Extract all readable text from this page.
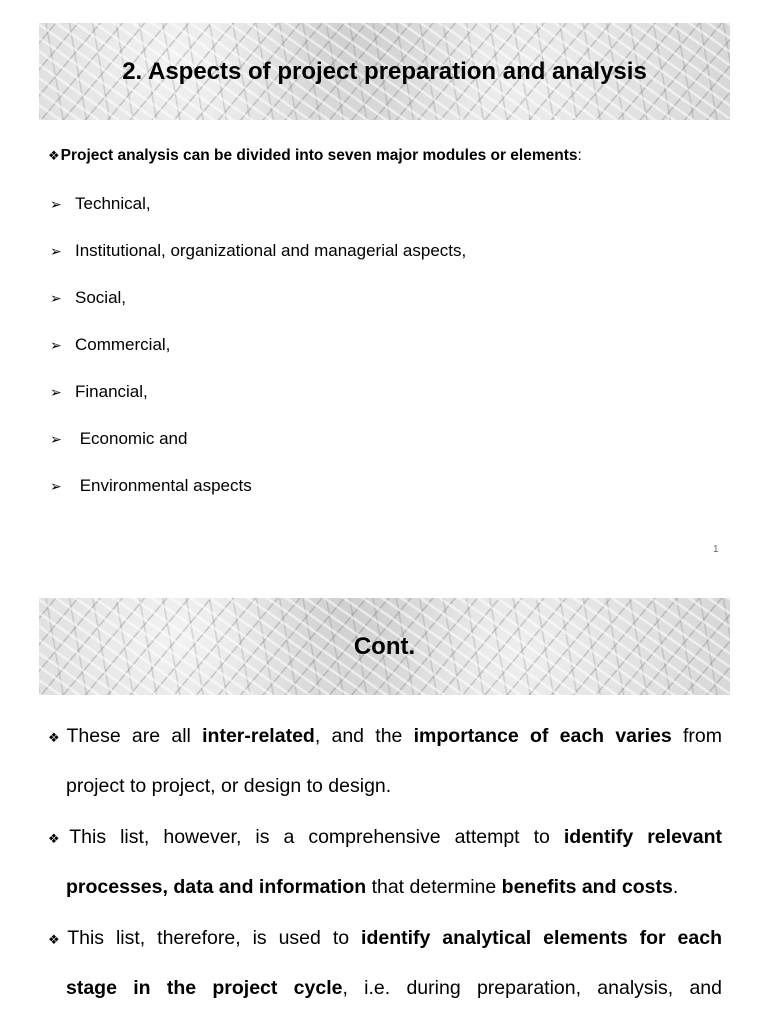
2. Aspects of project preparation and analysis
❖Project analysis can be divided into seven major modules or elements:
➢ Technical,
➢ Institutional, organizational and managerial aspects,
➢ Social,
➢ Commercial,
➢ Financial,
➢ Economic and
➢ Environmental aspects
1
Cont.
❖These are all inter-related, and the importance of each varies from
project to project, or design to design.
❖This list, however, is a comprehensive attempt to identify relevant
processes, data and information that determine benefits and costs.
❖This list, therefore, is used to identify analytical elements for each
stage in the project cycle, i.e. during preparation, analysis, and
